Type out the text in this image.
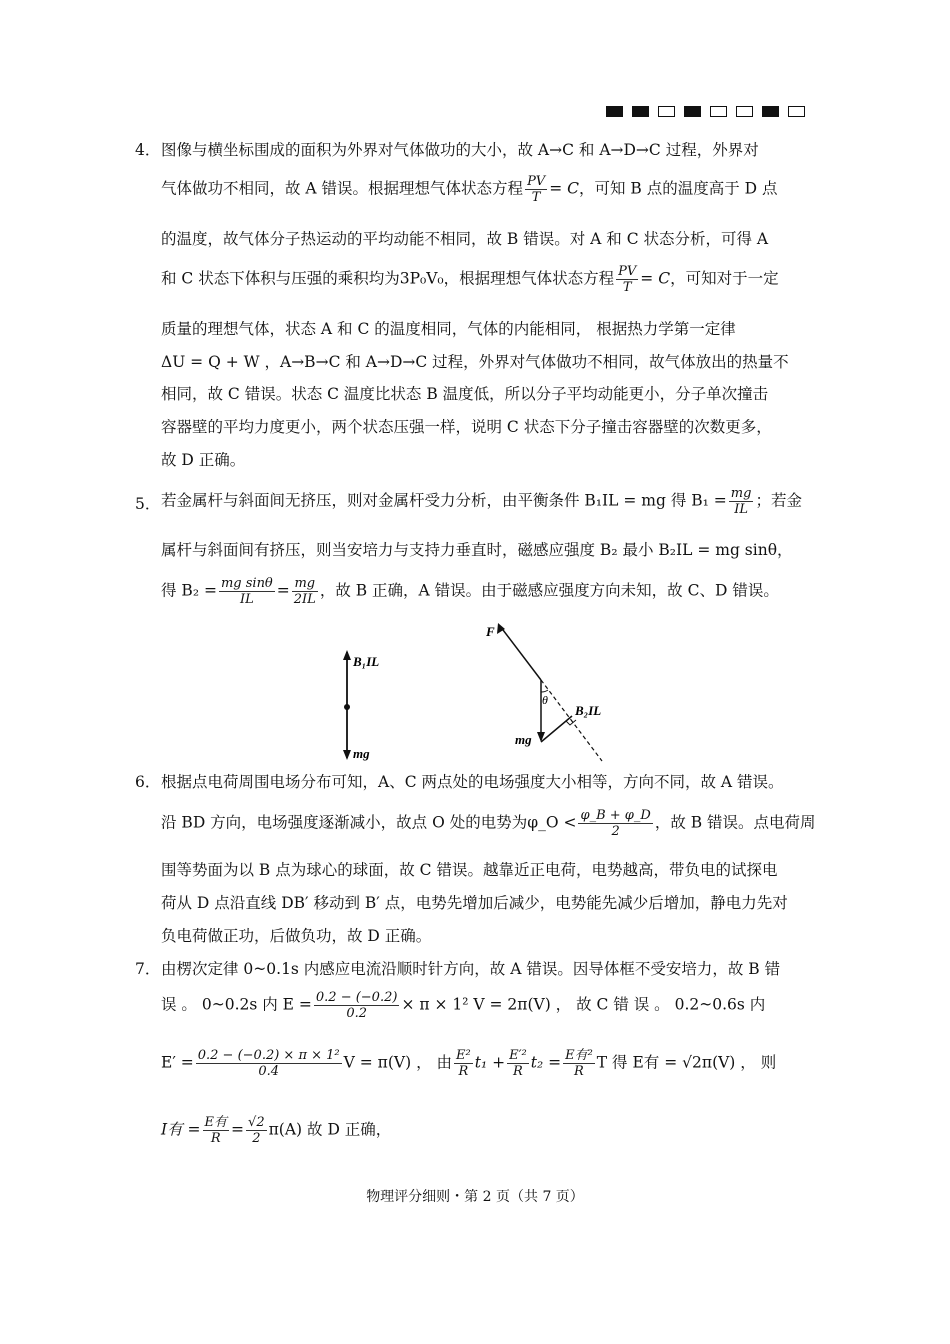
4． 图像与横坐标围成的面积为外界对气体做功的大小，故 A→C 和 A→D→C 过程，外界对
气体做功不相同，故 A 错误。根据理想气体状态方程 $\frac{PV}{T} = C$，可知 B 点的温度高于 D 点
的温度，故气体分子热运动的平均动能不相同，故 B 错误。对 A 和 C 状态分析，可得 A
和 C 状态下体积与压强的乘积均为3P₀V₀，根据理想气体状态方程 $\frac{PV}{T} = C$，可知对于一定
质量的理想气体，状态 A 和 C 的温度相同，气体的内能相同， 根据热力学第一定律
ΔU = Q + W ，A→B→C 和 A→D→C 过程，外界对气体做功不相同，故气体放出的热量不
相同，故 C 错误。状态 C 温度比状态 B 温度低，所以分子平均动能更小，分子单次撞击
容器壁的平均力度更小，两个状态压强一样，说明 C 状态下分子撞击容器壁的次数更多，
故 D 正确。
5． 若金属杆与斜面间无挤压，则对金属杆受力分析，由平衡条件 B₁IL = mg 得 $B_1 = \frac{mg}{IL}$ ；若金
属杆与斜面间有挤压，则当安培力与支持力垂直时，磁感应强度 B₂ 最小 B₂IL = mg sinθ，
得 $B_2 = \frac{\text{mg sinθ}}{IL} = \frac{mg}{2IL}$ ，故 B 正确，A 错误。由于磁感应强度方向未知，故 C、D 错误。
B₁IL
mg
F
θ
B₂IL
mg
6． 根据点电荷周围电场分布可知，A、C 两点处的电场强度大小相等，方向不同，故 A 错误。
沿 BD 方向，电场强度逐渐减小，故点 O 处的电势为φ_O < $\frac{\varphi\_B + \varphi\_D}{2}$ ，故 B 错误。点电荷周
围等势面为以 B 点为球心的球面，故 C 错误。越靠近正电荷，电势越高，带负电的试探电
荷从 D 点沿直线 DB′ 移动到 B′ 点，电势先增加后减少，电势能先减少后增加，静电力先对
负电荷做正功，后做负功，故 D 正确。
7． 由楞次定律 0~0.1s 内感应电流沿顺时针方向，故 A 错误。因导体框不受安培力，故 B 错
误 。 0~0.2s 内 $E = \frac{0.2 - (-0.2)}{0.2} \times \pi \times 1^2$ V = 2π(V) ， 故 C 错 误 。 0.2~0.6s 内
$E' = \frac{\text{0.2 − (−0.2) × π × 1²}}{0.4}$ V = π(V) ， 由 $\frac{\text{E²}}{R} t_1 + \frac{\text{E′²}}{R} t_2 = \frac{\text{E有²}}{R}$ T 得 E有 = √2π(V) ， 则
I有 = $\frac{\text{E有}}{R} = \frac{√2}{2} \pi(A)$ 故 D 正确，
物理评分细则・第 2 页（共 7 页）
